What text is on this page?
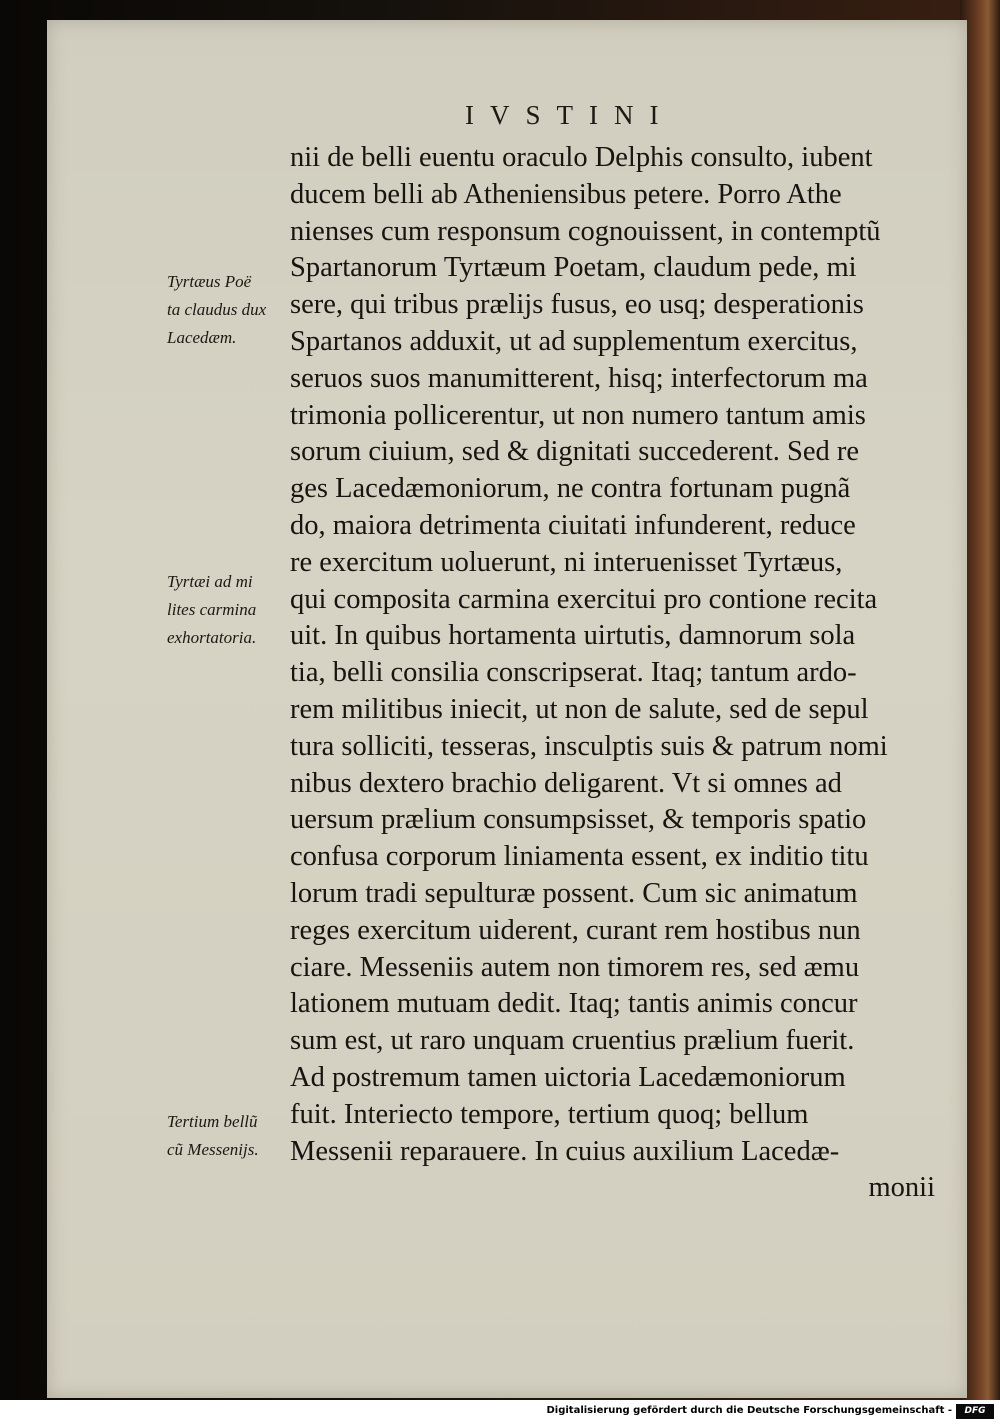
IVSTINI
nii de belli euentu oraculo Delphis consulto, iubent
ducem belli ab Atheniensibus petere. Porro Athe
nienses cum responsum cognouissent, in contemptũ
Spartanorum Tyrtæum Poetam, claudum pede, mi
sere, qui tribus prælijs fusus, eo usq; desperationis
Spartanos adduxit, ut ad supplementum exercitus,
seruos suos manumitterent, hisq; interfectorum ma
trimonia pollicerentur, ut non numero tantum amis
sorum ciuium, sed & dignitati succederent. Sed re
ges Lacedæmoniorum, ne contra fortunam pugnã
do, maiora detrimenta ciuitati infunderent, reduce
re exercitum uoluerunt, ni interuenisset Tyrtæus,
qui composita carmina exercitui pro contione recita
uit. In quibus hortamenta uirtutis, damnorum sola
tia, belli consilia conscripserat. Itaq; tantum ardo-
rem militibus iniecit, ut non de salute, sed de sepul
tura solliciti, tesseras, insculptis suis & patrum nomi
nibus dextero brachio deligarent. Vt si omnes ad
uersum prælium consumpsisset, & temporis spatio
confusa corporum liniamenta essent, ex inditio titu
lorum tradi sepulturæ possent. Cum sic animatum
reges exercitum uiderent, curant rem hostibus nun
ciare. Messeniis autem non timorem res, sed æmu
lationem mutuam dedit. Itaq; tantis animis concur
sum est, ut raro unquam cruentius prælium fuerit.
Ad postremum tamen uictoria Lacedæmoniorum
fuit. Interiecto tempore, tertium quoq; bellum
Messenii reparauere. In cuius auxilium Lacedæ-
monii
Tyrtæus Poë
ta claudus dux
Lacedæm.
Tyrtæi ad mi
lites carmina
exhortatoria.
Tertium bellũ
cũ Messenijs.
Digitalisierung gefördert durch die Deutsche Forschungsgemeinschaft -	DFG
